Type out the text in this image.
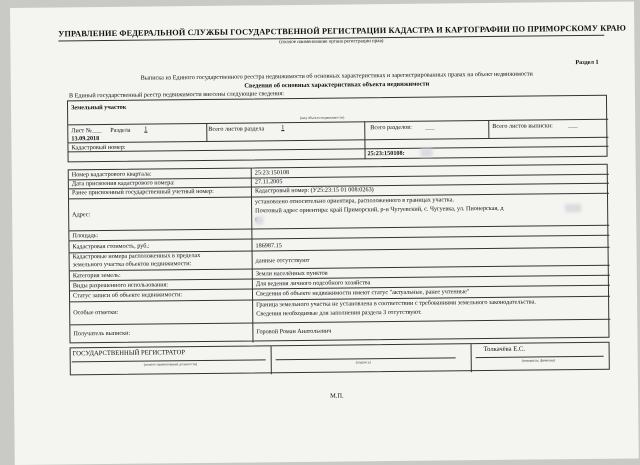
УПРАВЛЕНИЕ ФЕДЕРАЛЬНОЙ СЛУЖБЫ ГОСУДАРСТВЕННОЙ РЕГИСТРАЦИИ КАДАСТРА И КАРТОГРАФИИ ПО ПРИМОРСКОМУ КРАЮ
(полное наименование органа регистрации прав)
Раздел 1
Выписка из Единого государственного реестра недвижимости об основных характеристиках и зарегистрированных правах на объект недвижимости
Сведения об основных характеристиках объекта недвижимости
В Единый государственный реестр недвижимости внесены следующие сведения:
Земельный участок
(вид объекта недвижимости)
Лист № ___ Раздела 1	Всего листов раздела	1	Всего разделов: ___	Всего листов выписки: ___
13.09.2018
Кадастровый номер:
25:23:150108:
Номер кадастрового квартала:	25:23:150108
Дата присвоения кадастрового номера:	27.11.2005
Ранее присвоенный государственный учетный номер:	Кадастровый номер: (У25:23:15 01 008:0263)
Адрес:
установлено относительно ориентира, расположенного в границах участка.
Почтовый адрес ориентира: край Приморский, р-н Чугуевский, с. Чугуевка, ул. Пионерская, д
Площадь:
Кадастровая стоимость, руб.:	186987.15
Кадастровые номера расположенных в пределах
земельного участка объектов недвижимости:	данные отсутствуют
Категория земель:	Земли населённых пунктов
Виды разрешенного использования:	Для ведения личного подсобного хозяйства
Статус записи об объекте недвижимости:	Сведения об объекте недвижимости имеют статус "актуальные, ранее учтенные"
Особые отметки:
Граница земельного участка не установлена в соответствии с требованиями земельного законодательства.
Сведения необходимые для заполнения раздела 3 отсутствуют.
Получатель выписки:	Горовой Роман Анатольевич
ГОСУДАРСТВЕННЫЙ РЕГИСТРАТОР
(полное наименование должности)	(подпись)
Толкачёва Е.С.
(инициалы, фамилия)
М.П.
